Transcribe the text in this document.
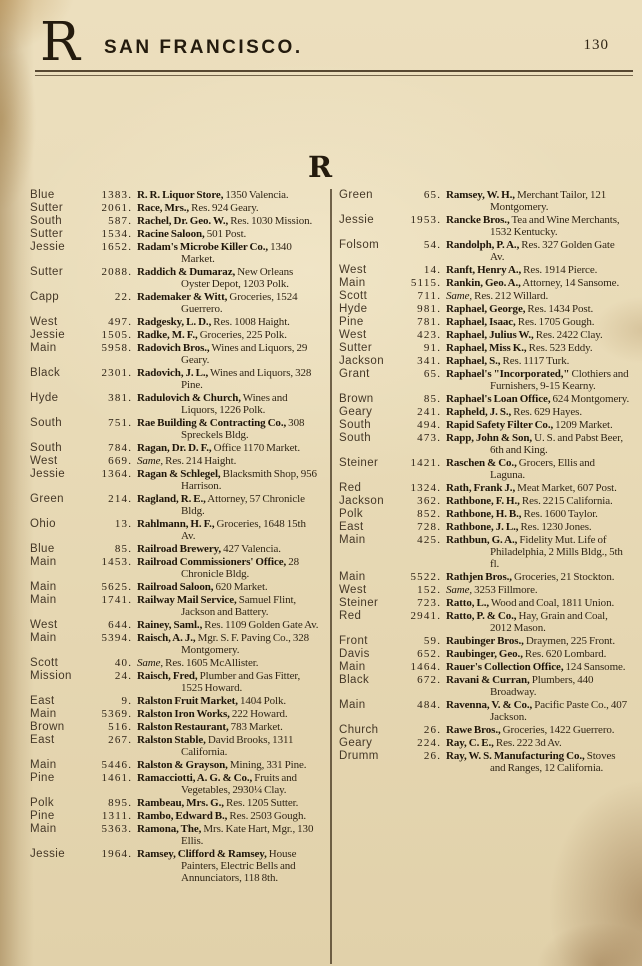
R SAN FRANCISCO.	130
R
Blue	1383 . R. R. Liquor Store, 1350 Valencia.
Sutter	2061 . Race, Mrs., Res. 924 Geary.
South	587 . Rachel, Dr. Geo. W., Res. 1030 Mission.
Sutter	1534 . Racine Saloon, 501 Post.
Jessie	1652 . Radam's Microbe Killer Co., 1340 Market.
Sutter	2088 . Raddich & Dumaraz, New Orleans Oyster Depot, 1203 Polk.
Capp	22 . Rademaker & Witt, Groceries, 1524 Guerrero.
West	497 . Radgesky, L. D., Res. 1008 Haight.
Jessie	1505 . Radke, M. F., Groceries, 225 Polk.
Main	5958 . Radovich Bros., Wines and Liquors, 29 Geary.
Black	2301 . Radovich, J. L., Wines and Liquors, 328 Pine.
Hyde	381 . Radulovich & Church, Wines and Liquors, 1226 Polk.
South	751 . Rae Building & Contracting Co., 308 Spreckels Bldg.
South	784 . Ragan, Dr. D. F., Office 1170 Market.
West	669 . Same, Res. 214 Haight.
Jessie	1364 . Ragan & Schlegel, Blacksmith Shop, 956 Harrison.
Green	214 . Ragland, R. E., Attorney, 57 Chronicle Bldg.
Ohio	13 . Rahlmann, H. F., Groceries, 1648 15th Av.
Blue	85 . Railroad Brewery, 427 Valencia.
Main	1453 . Railroad Commissioners' Office, 28 Chronicle Bldg.
Main	5625 . Railroad Saloon, 620 Market.
Main	1741 . Railway Mail Service, Samuel Flint, Jackson and Battery.
West	644 . Rainey, Saml., Res. 1109 Golden Gate Av.
Main	5394 . Raisch, A. J., Mgr. S. F. Paving Co., 328 Montgomery.
Scott	40 . Same, Res. 1605 McAllister.
Mission	24 . Raisch, Fred, Plumber and Gas Fitter, 1525 Howard.
East	9 . Ralston Fruit Market, 1404 Polk.
Main	5369 . Ralston Iron Works, 222 Howard.
Brown	516 . Ralston Restaurant, 783 Market.
East	267 . Ralston Stable, David Brooks, 1311 California.
Main	5446 . Ralston & Grayson, Mining, 331 Pine.
Pine	1461 . Ramacciotti, A. G. & Co., Fruits and Vegetables, 2930¼ Clay.
Polk	895 . Rambeau, Mrs. G., Res. 1205 Sutter.
Pine	1311 . Rambo, Edward B., Res. 2503 Gough.
Main	5363 . Ramona, The, Mrs. Kate Hart, Mgr., 130 Ellis.
Jessie	1964 . Ramsey, Clifford & Ramsey, House Painters, Electric Bells and Annunciators, 118 8th.
Green	65 . Ramsey, W. H., Merchant Tailor, 121 Montgomery.
Jessie	1953 . Rancke Bros., Tea and Wine Merchants, 1532 Kentucky.
Folsom	54 . Randolph, P. A., Res. 327 Golden Gate Av.
West	14 . Ranft, Henry A., Res. 1914 Pierce.
Main	5115 . Rankin, Geo. A., Attorney, 14 Sansome.
Scott	711 . Same, Res. 212 Willard.
Hyde	981 . Raphael, George, Res. 1434 Post.
Pine	781 . Raphael, Isaac, Res. 1705 Gough.
West	423 . Raphael, Julius W., Res. 2422 Clay.
Sutter	91 . Raphael, Miss K., Res. 523 Eddy.
Jackson	341 . Raphael, S., Res. 1117 Turk.
Grant	65 . Raphael's "Incorporated," Clothiers and Furnishers, 9-15 Kearny.
Brown	85 . Raphael's Loan Office, 624 Montgomery.
Geary	241 . Rapheld, J. S., Res. 629 Hayes.
South	494 . Rapid Safety Filter Co., 1209 Market.
South	473 . Rapp, John & Son, U. S. and Pabst Beer, 6th and King.
Steiner	1421 . Raschen & Co., Grocers, Ellis and Laguna.
Red	1324 . Rath, Frank J., Meat Market, 607 Post.
Jackson	362 . Rathbone, F. H., Res. 2215 California.
Polk	852 . Rathbone, H. B., Res. 1600 Taylor.
East	728 . Rathbone, J. L., Res. 1230 Jones.
Main	425 . Rathbun, G. A., Fidelity Mut. Life of Philadelphia, 2 Mills Bldg., 5th fl.
Main	5522 . Rathjen Bros., Groceries, 21 Stockton.
West	152 . Same, 3253 Fillmore.
Steiner	723 . Ratto, L., Wood and Coal, 1811 Union.
Red	2941 . Ratto, P. & Co., Hay, Grain and Coal, 2012 Mason.
Front	59 . Raubinger Bros., Draymen, 225 Front.
Davis	652 . Raubinger, Geo., Res. 620 Lombard.
Main	1464 . Rauer's Collection Office, 124 Sansome.
Black	672 . Ravani & Curran, Plumbers, 440 Broadway.
Main	484 . Ravenna, V. & Co., Pacific Paste Co., 407 Jackson.
Church	26 . Rawe Bros., Groceries, 1422 Guerrero.
Geary	224 . Ray, C. E., Res. 222 3d Av.
Drumm	26 . Ray, W. S. Manufacturing Co., Stoves and Ranges, 12 California.
